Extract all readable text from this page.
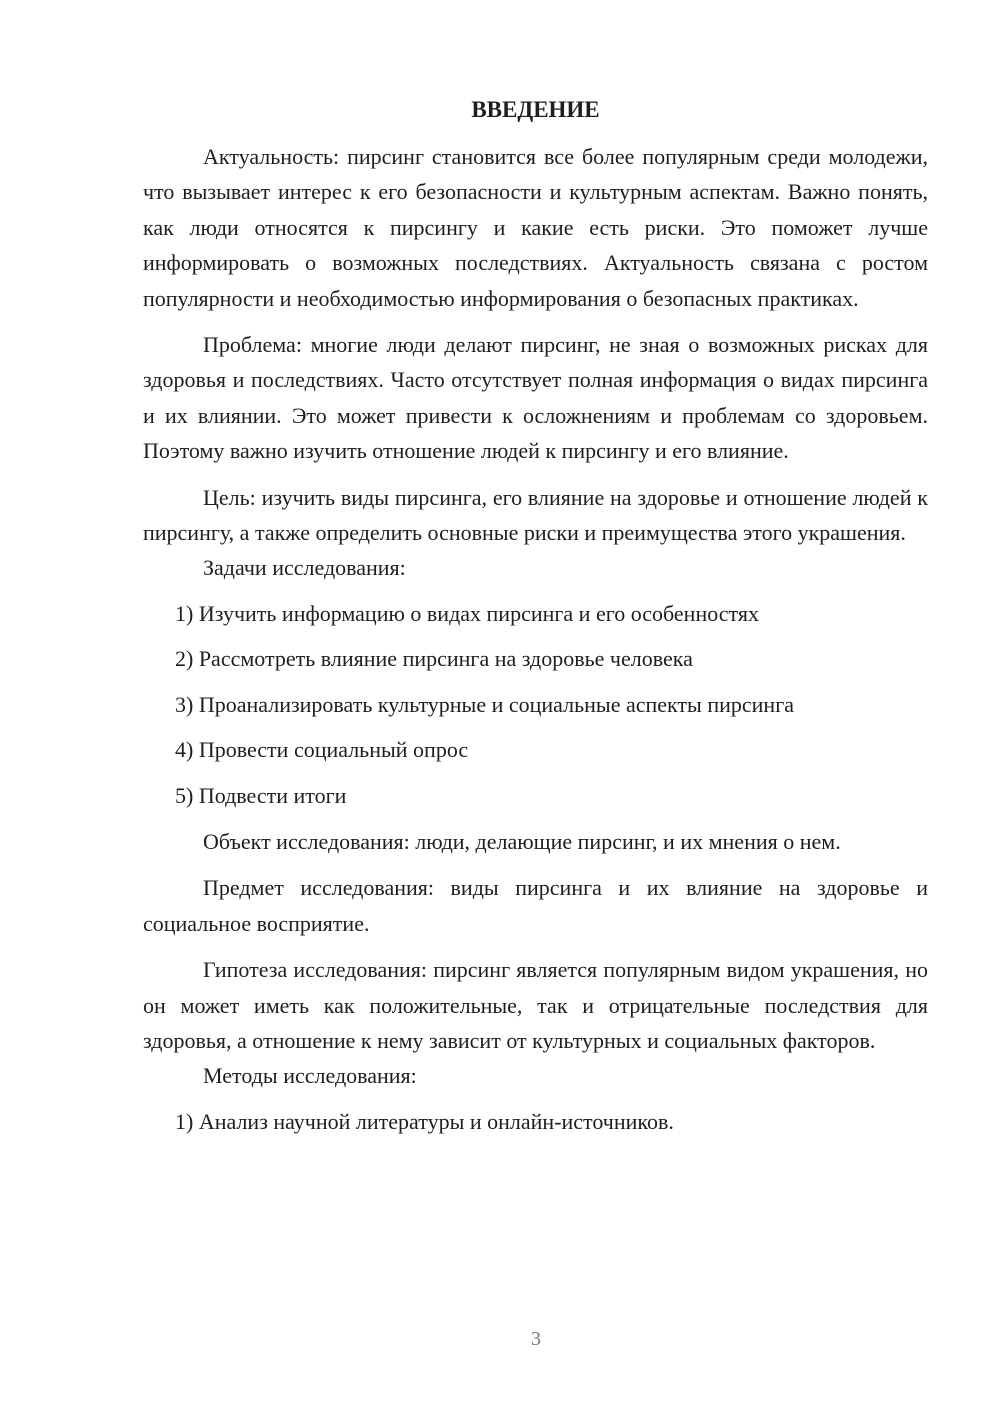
ВВЕДЕНИЕ

Актуальность: пирсинг становится все более популярным среди молодежи, что вызывает интерес к его безопасности и культурным аспектам. Важно понять, как люди относятся к пирсингу и какие есть риски. Это поможет лучше информировать о возможных последствиях. Актуальность связана с ростом популярности и необходимостью информирования о безопасных практиках.

Проблема: многие люди делают пирсинг, не зная о возможных рисках для здоровья и последствиях. Часто отсутствует полная информация о видах пирсинга и их влиянии. Это может привести к осложнениям и проблемам со здоровьем. Поэтому важно изучить отношение людей к пирсингу и его влияние.

Цель: изучить виды пирсинга, его влияние на здоровье и отношение людей к пирсингу, а также определить основные риски и преимущества этого украшения.

Задачи исследования:

1) Изучить информацию о видах пирсинга и его особенностях

2) Рассмотреть влияние пирсинга на здоровье человека

3) Проанализировать культурные и социальные аспекты пирсинга

4) Провести социальный опрос

5) Подвести итоги

Объект исследования: люди, делающие пирсинг, и их мнения о нем.

Предмет исследования: виды пирсинга и их влияние на здоровье и социальное восприятие.

Гипотеза исследования: пирсинг является популярным видом украшения, но он может иметь как положительные, так и отрицательные последствия для здоровья, а отношение к нему зависит от культурных и социальных факторов.

Методы исследования:

1) Анализ научной литературы и онлайн-источников.

3
